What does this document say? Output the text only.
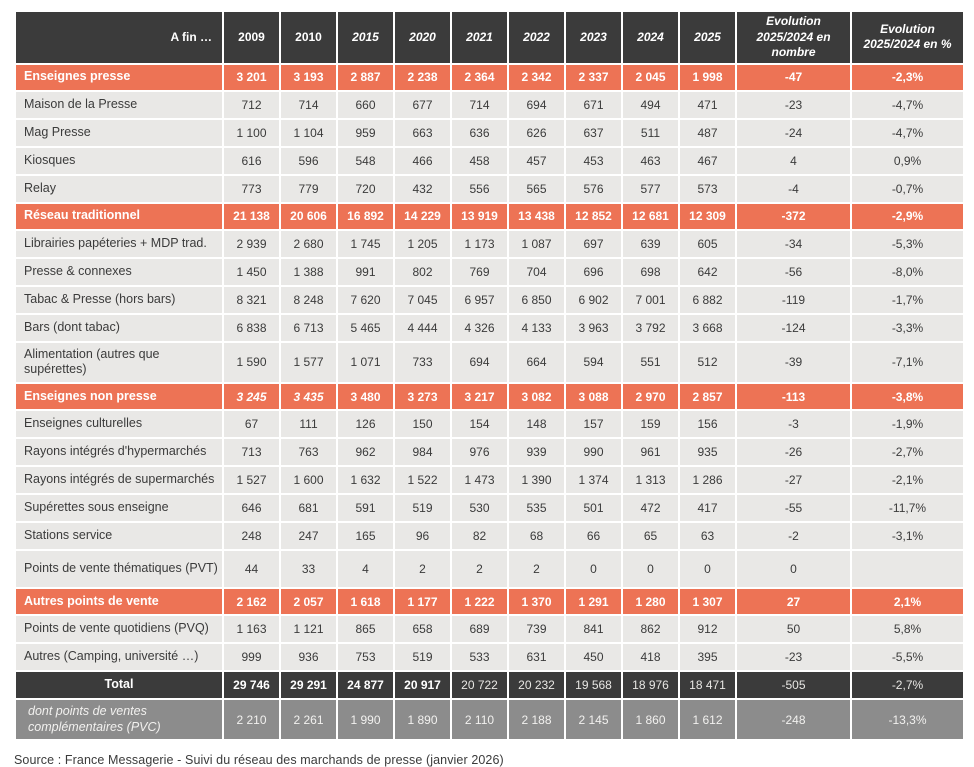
A fin …	2009	2010	2015	2020	2021	2022	2023	2024	2025	Evolution 2025/2024 en nombre	Evolution 2025/2024 en %
Enseignes presse	3 201	3 193	2 887	2 238	2 364	2 342	2 337	2 045	1 998	-47	-2,3%
Maison de la Presse	712	714	660	677	714	694	671	494	471	-23	-4,7%
Mag Presse	1 100	1 104	959	663	636	626	637	511	487	-24	-4,7%
Kiosques	616	596	548	466	458	457	453	463	467	4	0,9%
Relay	773	779	720	432	556	565	576	577	573	-4	-0,7%
Réseau traditionnel	21 138	20 606	16 892	14 229	13 919	13 438	12 852	12 681	12 309	-372	-2,9%
Librairies papéteries + MDP trad.	2 939	2 680	1 745	1 205	1 173	1 087	697	639	605	-34	-5,3%
Presse & connexes	1 450	1 388	991	802	769	704	696	698	642	-56	-8,0%
Tabac & Presse (hors bars)	8 321	8 248	7 620	7 045	6 957	6 850	6 902	7 001	6 882	-119	-1,7%
Bars (dont tabac)	6 838	6 713	5 465	4 444	4 326	4 133	3 963	3 792	3 668	-124	-3,3%
Alimentation (autres que supérettes)	1 590	1 577	1 071	733	694	664	594	551	512	-39	-7,1%
Enseignes non presse	3 245	3 435	3 480	3 273	3 217	3 082	3 088	2 970	2 857	-113	-3,8%
Enseignes culturelles	67	111	126	150	154	148	157	159	156	-3	-1,9%
Rayons intégrés d'hypermarchés	713	763	962	984	976	939	990	961	935	-26	-2,7%
Rayons intégrés de supermarchés	1 527	1 600	1 632	1 522	1 473	1 390	1 374	1 313	1 286	-27	-2,1%
Supérettes sous enseigne	646	681	591	519	530	535	501	472	417	-55	-11,7%
Stations service	248	247	165	96	82	68	66	65	63	-2	-3,1%
Points de vente thématiques (PVT)	44	33	4	2	2	2	0	0	0	0	
Autres points de vente	2 162	2 057	1 618	1 177	1 222	1 370	1 291	1 280	1 307	27	2,1%
Points de vente quotidiens (PVQ)	1 163	1 121	865	658	689	739	841	862	912	50	5,8%
Autres (Camping, université …)	999	936	753	519	533	631	450	418	395	-23	-5,5%
Total	29 746	29 291	24 877	20 917	20 722	20 232	19 568	18 976	18 471	-505	-2,7%
dont points de ventes complémentaires (PVC)	2 210	2 261	1 990	1 890	2 110	2 188	2 145	1 860	1 612	-248	-13,3%
Source : France Messagerie - Suivi du réseau des marchands de presse (janvier 2026)
